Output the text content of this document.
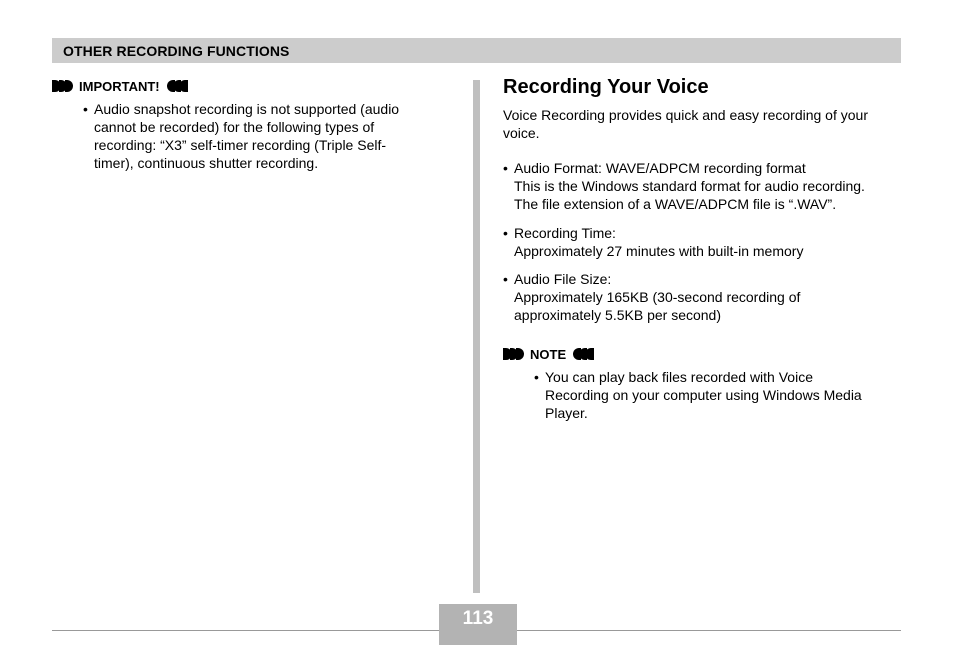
OTHER RECORDING FUNCTIONS
IMPORTANT!
• Audio snapshot recording is not supported (audio
cannot be recorded) for the following types of
recording: “X3” self-timer recording (Triple Self-
timer), continuous shutter recording.
Recording Your Voice
Voice Recording provides quick and easy recording of your
voice.
• Audio Format: WAVE/ADPCM recording format
This is the Windows standard format for audio recording.
The file extension of a WAVE/ADPCM file is “.WAV”.
• Recording Time:
Approximately 27 minutes with built-in memory
• Audio File Size:
Approximately 165KB (30-second recording of
approximately 5.5KB per second)
NOTE
• You can play back files recorded with Voice
Recording on your computer using Windows Media
Player.
113
